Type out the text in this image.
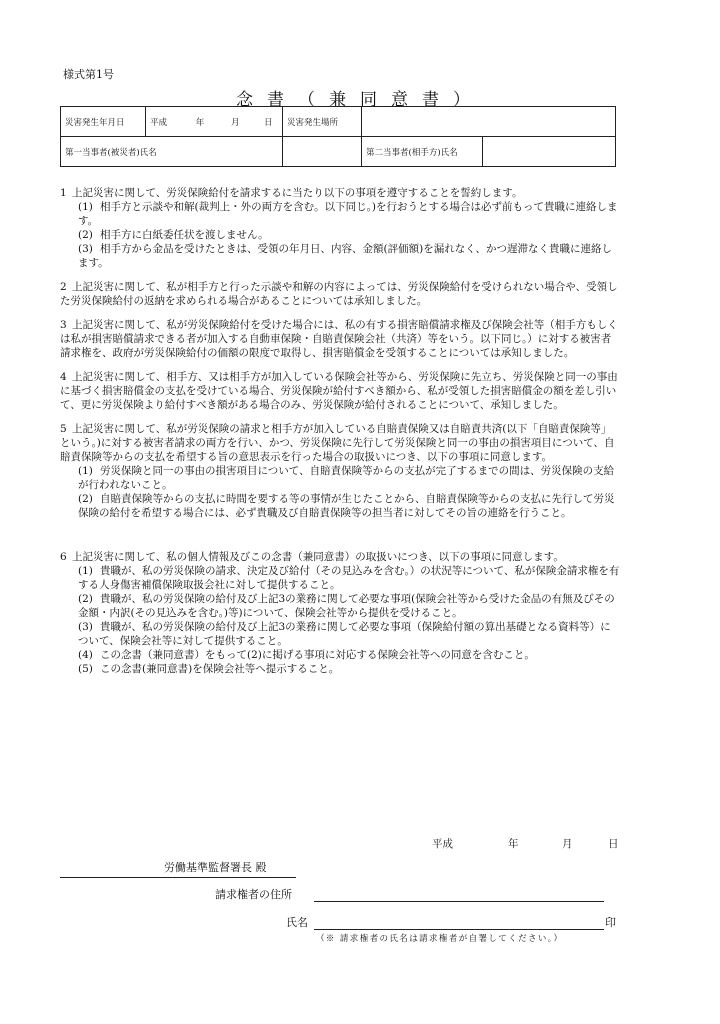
様式第1号
念書（兼同意書）
災害発生年月日	平成 年 月 日	災害発生場所		
第一当事者(被災者)氏名			第二当事者(相手方)氏名	
1 上記災害に関して、労災保険給付を請求するに当たり以下の事項を遵守することを誓約します。
(1) 相手方と示談や和解(裁判上・外の両方を含む。以下同じ。)を行おうとする場合は必ず前もって貴職に連絡します。
(2) 相手方に白紙委任状を渡しません。
(3) 相手方から金品を受けたときは、受領の年月日、内容、金額(評価額)を漏れなく、かつ遅滞なく貴職に連絡します。
2 上記災害に関して、私が相手方と行った示談や和解の内容によっては、労災保険給付を受けられない場合や、受領した労災保険給付の返納を求められる場合があることについては承知しました。
3 上記災害に関して、私が労災保険給付を受けた場合には、私の有する損害賠償請求権及び保険会社等（相手方もしくは私が損害賠償請求できる者が加入する自動車保険・自賠責保険会社（共済）等をいう。以下同じ。）に対する被害者請求権を、政府が労災保険給付の価額の限度で取得し、損害賠償金を受領することについては承知しました。
4 上記災害に関して、相手方、又は相手方が加入している保険会社等から、労災保険に先立ち、労災保険と同一の事由に基づく損害賠償金の支払を受けている場合、労災保険が給付すべき額から、私が受領した損害賠償金の額を差し引いて、更に労災保険より給付すべき額がある場合のみ、労災保険が給付されることについて、承知しました。
5 上記災害に関して、私が労災保険の請求と相手方が加入している自賠責保険又は自賠責共済(以下「自賠責保険等」という。)に対する被害者請求の両方を行い、かつ、労災保険に先行して労災保険と同一の事由の損害項目について、自賠責保険等からの支払を希望する旨の意思表示を行った場合の取扱いにつき、以下の事項に同意します。
(1) 労災保険と同一の事由の損害項目について、自賠責保険等からの支払が完了するまでの間は、労災保険の支給が行われないこと。
(2) 自賠責保険等からの支払に時間を要する等の事情が生じたことから、自賠責保険等からの支払に先行して労災保険の給付を希望する場合には、必ず貴職及び自賠責保険等の担当者に対してその旨の連絡を行うこと。
6 上記災害に関して、私の個人情報及びこの念書（兼同意書）の取扱いにつき、以下の事項に同意します。
(1) 貴職が、私の労災保険の請求、決定及び給付（その見込みを含む。）の状況等について、私が保険金請求権を有する人身傷害補償保険取扱会社に対して提供すること。
(2) 貴職が、私の労災保険の給付及び上記3の業務に関して必要な事項(保険会社等から受けた金品の有無及びその金額・内訳(その見込みを含む。)等)について、保険会社等から提供を受けること。
(3) 貴職が、私の労災保険の給付及び上記3の業務に関して必要な事項（保険給付額の算出基礎となる資料等）について、保険会社等に対して提供すること。
(4) この念書（兼同意書）をもって(2)に掲げる事項に対応する保険会社等への同意を含むこと。
(5) この念書(兼同意書)を保険会社等へ提示すること。
平成	年	月	日
労働基準監督署長 殿
請求権者の住所
氏名	印
（※ 請求権者の氏名は請求権者が自署してください。）
